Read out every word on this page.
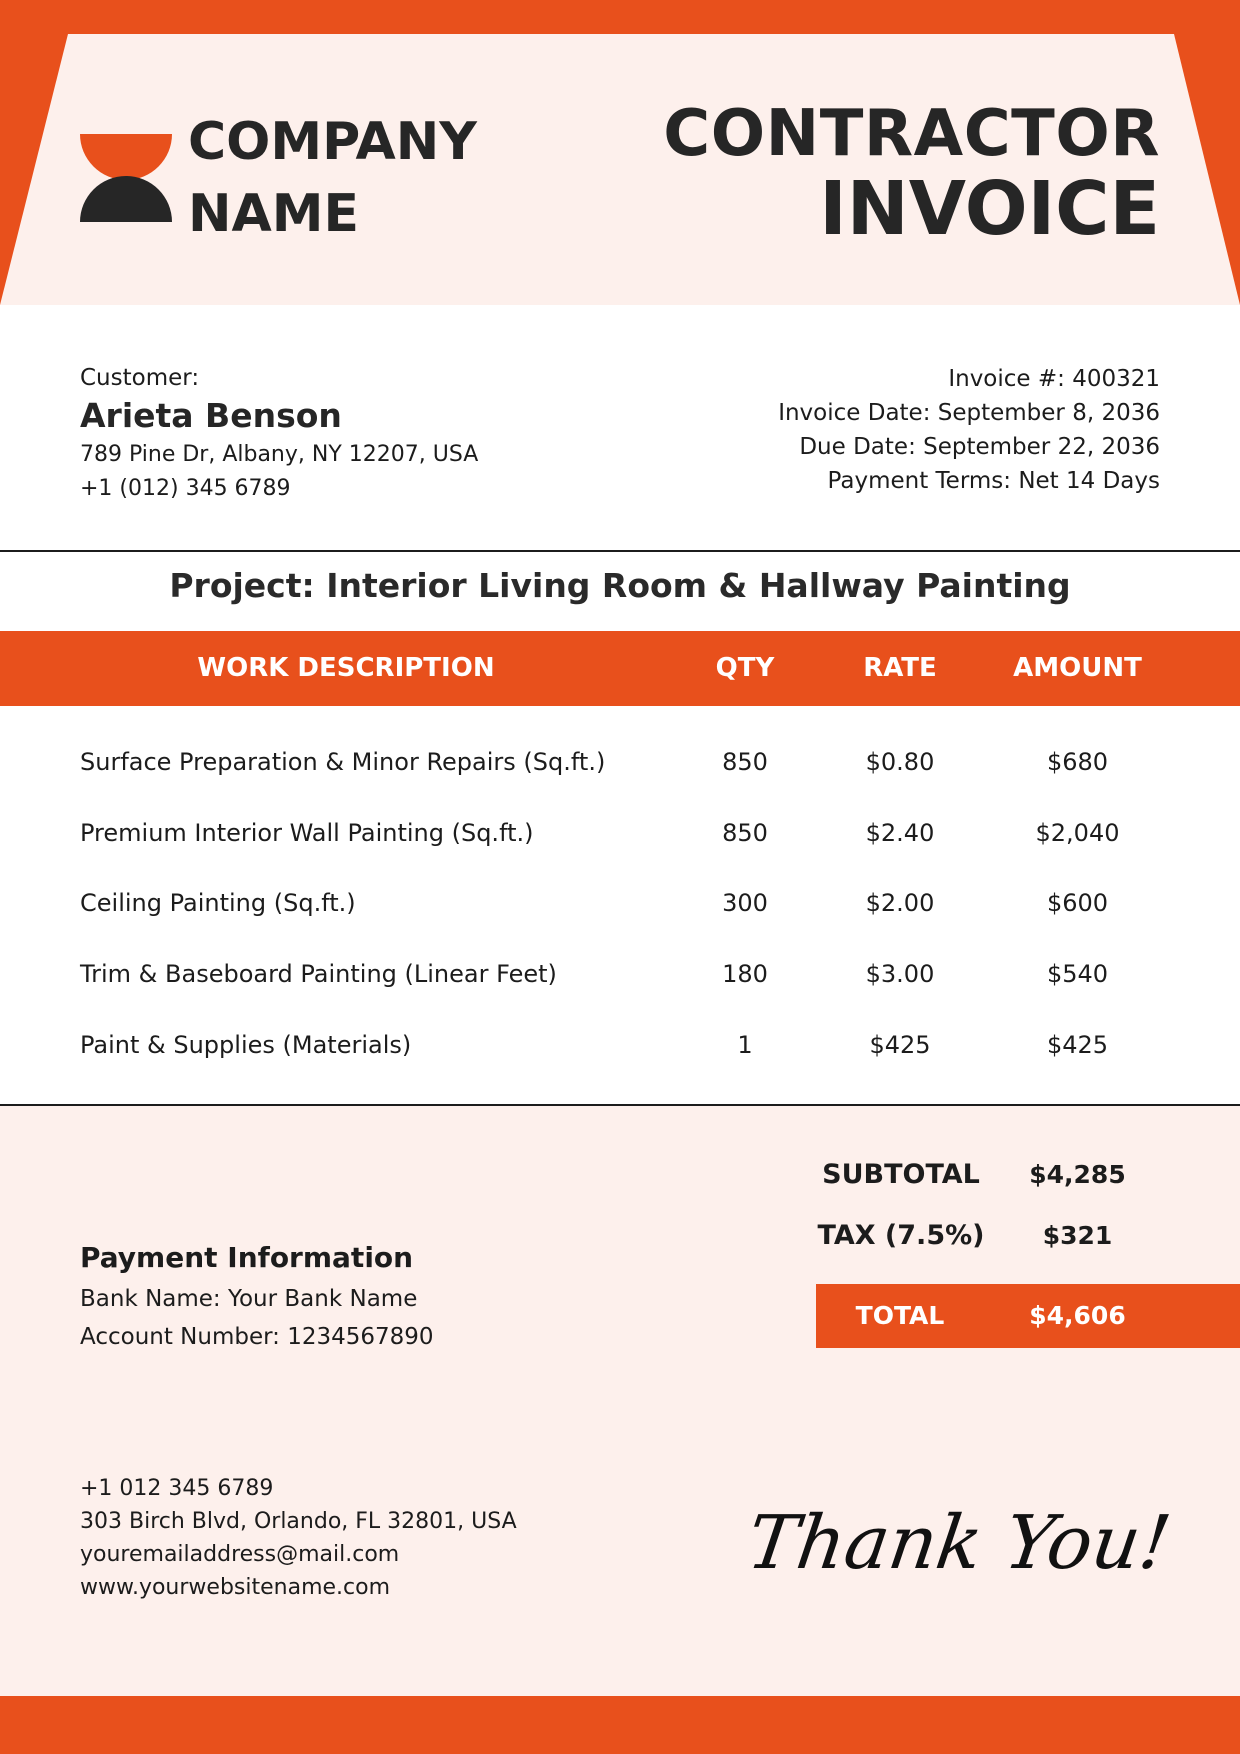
COMPANY
NAME
CONTRACTOR
INVOICE
Customer:
Arieta Benson
789 Pine Dr, Albany, NY 12207, USA
+1 (012) 345 6789
Invoice #: 400321
Invoice Date: September 8, 2036
Due Date: September 22, 2036
Payment Terms: Net 14 Days
Project: Interior Living Room & Hallway Painting
WORK DESCRIPTION	QTY	RATE	AMOUNT
Surface Preparation & Minor Repairs (Sq.ft.)	850	$0.80	$680
Premium Interior Wall Painting (Sq.ft.)	850	$2.40	$2,040
Ceiling Painting (Sq.ft.)	300	$2.00	$600
Trim & Baseboard Painting (Linear Feet)	180	$3.00	$540
Paint & Supplies (Materials)	1	$425	$425
SUBTOTAL	$4,285
TAX (7.5%)	$321
TOTAL	$4,606
Payment Information
Bank Name: Your Bank Name
Account Number: 1234567890
+1 012 345 6789
303 Birch Blvd, Orlando, FL 32801, USA
youremailaddress@mail.com
www.yourwebsitename.com
Thank You!
